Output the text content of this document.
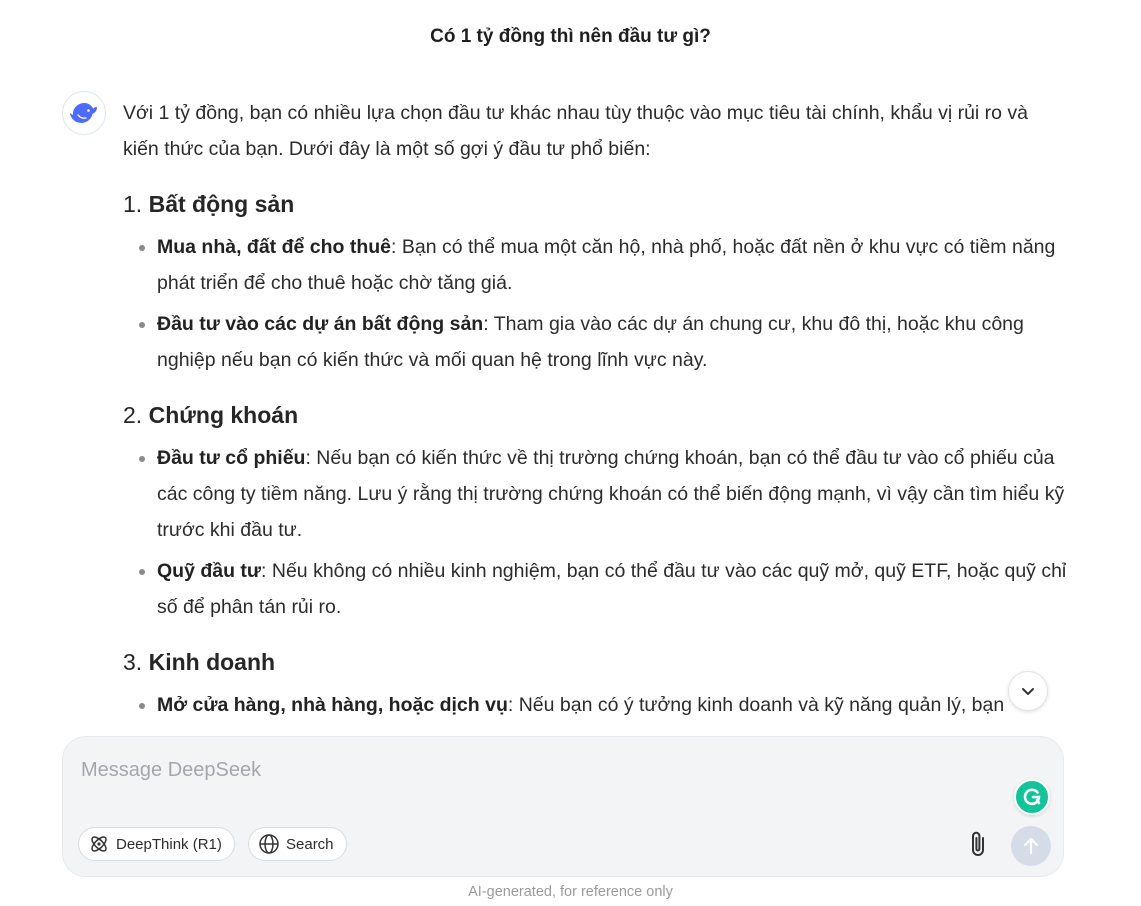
Có 1 tỷ đồng thì nên đầu tư gì?

Với 1 tỷ đồng, bạn có nhiều lựa chọn đầu tư khác nhau tùy thuộc vào mục tiêu tài chính, khẩu vị rủi ro và kiến thức của bạn. Dưới đây là một số gợi ý đầu tư phổ biến:

1. Bất động sản
Mua nhà, đất để cho thuê: Bạn có thể mua một căn hộ, nhà phố, hoặc đất nền ở khu vực có tiềm năng phát triển để cho thuê hoặc chờ tăng giá.
Đầu tư vào các dự án bất động sản: Tham gia vào các dự án chung cư, khu đô thị, hoặc khu công nghiệp nếu bạn có kiến thức và mối quan hệ trong lĩnh vực này.
2. Chứng khoán
Đầu tư cổ phiếu: Nếu bạn có kiến thức về thị trường chứng khoán, bạn có thể đầu tư vào cổ phiếu của các công ty tiềm năng. Lưu ý rằng thị trường chứng khoán có thể biến động mạnh, vì vậy cần tìm hiểu kỹ trước khi đầu tư.
Quỹ đầu tư: Nếu không có nhiều kinh nghiệm, bạn có thể đầu tư vào các quỹ mở, quỹ ETF, hoặc quỹ chỉ số để phân tán rủi ro.
3. Kinh doanh
Mở cửa hàng, nhà hàng, hoặc dịch vụ: Nếu bạn có ý tưởng kinh doanh và kỹ năng quản lý, bạn
Message DeepSeek
DeepThink (R1)	Search
AI-generated, for reference only
